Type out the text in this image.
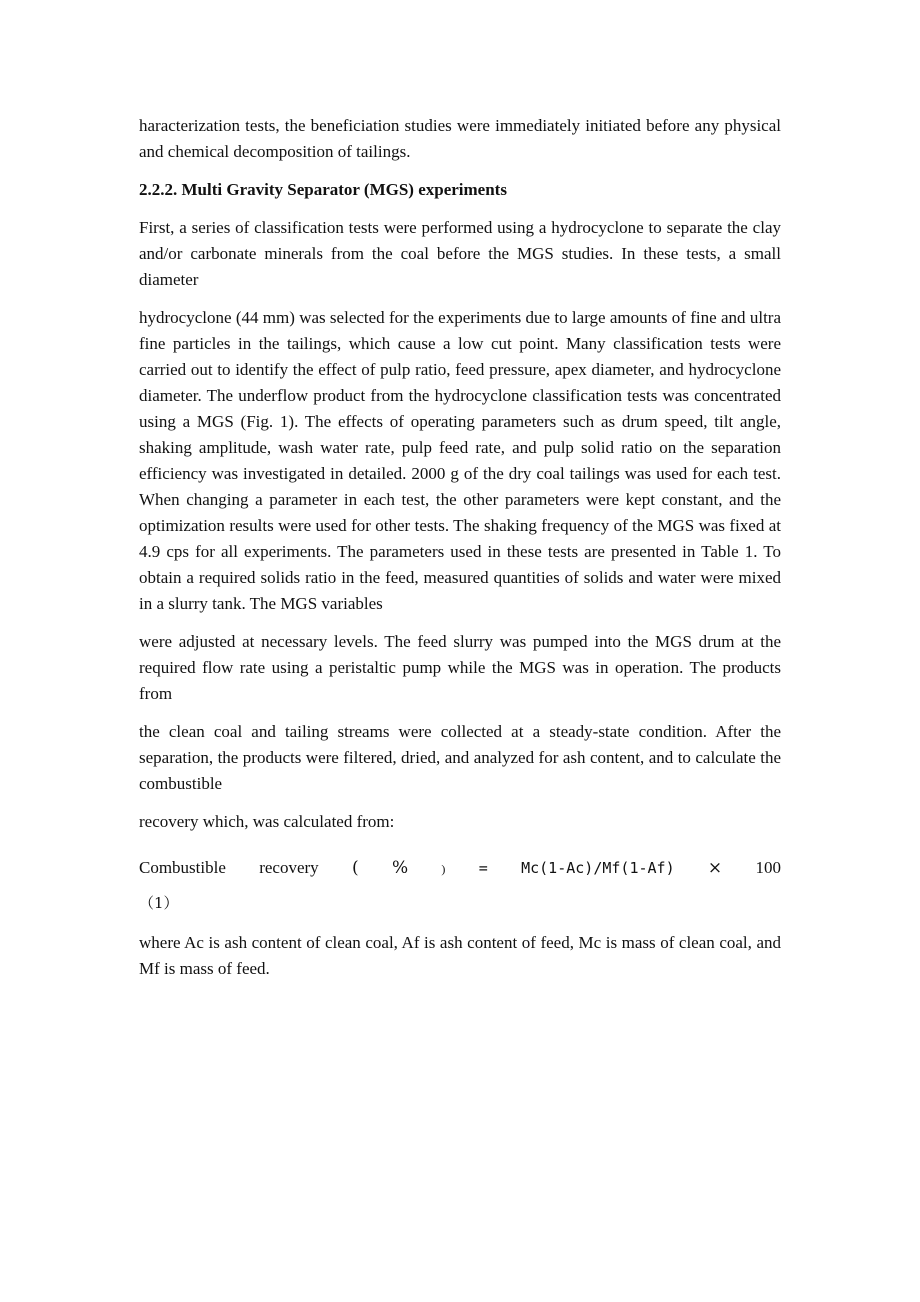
haracterization tests, the beneficiation studies were immediately initiated before any physical and chemical decomposition of tailings.

2.2.2. Multi Gravity Separator (MGS) experiments

First, a series of classification tests were performed using a hydrocyclone to separate the clay and/or carbonate minerals from the coal before the MGS studies. In these tests, a small diameter

hydrocyclone (44 mm) was selected for the experiments due to large amounts of fine and ultra fine particles in the tailings, which cause a low cut point. Many classification tests were carried out to identify the effect of pulp ratio, feed pressure, apex diameter, and hydrocyclone diameter. The underflow product from the hydrocyclone classification tests was concentrated using a MGS (Fig. 1). The effects of operating parameters such as drum speed, tilt angle, shaking amplitude, wash water rate, pulp feed rate, and pulp solid ratio on the separation efficiency was investigated in detailed. 2000 g of the dry coal tailings was used for each test. When changing a parameter in each test, the other parameters were kept constant, and the optimization results were used for other tests. The shaking frequency of the MGS was fixed at 4.9 cps for all experiments. The parameters used in these tests are presented in Table 1. To obtain a required solids ratio in the feed, measured quantities of solids and water were mixed in a slurry tank. The MGS variables

were adjusted at necessary levels. The feed slurry was pumped into the MGS drum at the required flow rate using a peristaltic pump while the MGS was in operation. The products from

the clean coal and tailing streams were collected at a steady-state condition. After the separation, the products were filtered, dried, and analyzed for ash content, and to calculate the combustible

recovery which, was calculated from:

Combustible recovery ( %	) = Mc(1-Ac)/Mf(1-Af) × 100
（1）

where Ac is ash content of clean coal, Af is ash content of feed, Mc is mass of clean coal, and Mf is mass of feed.
